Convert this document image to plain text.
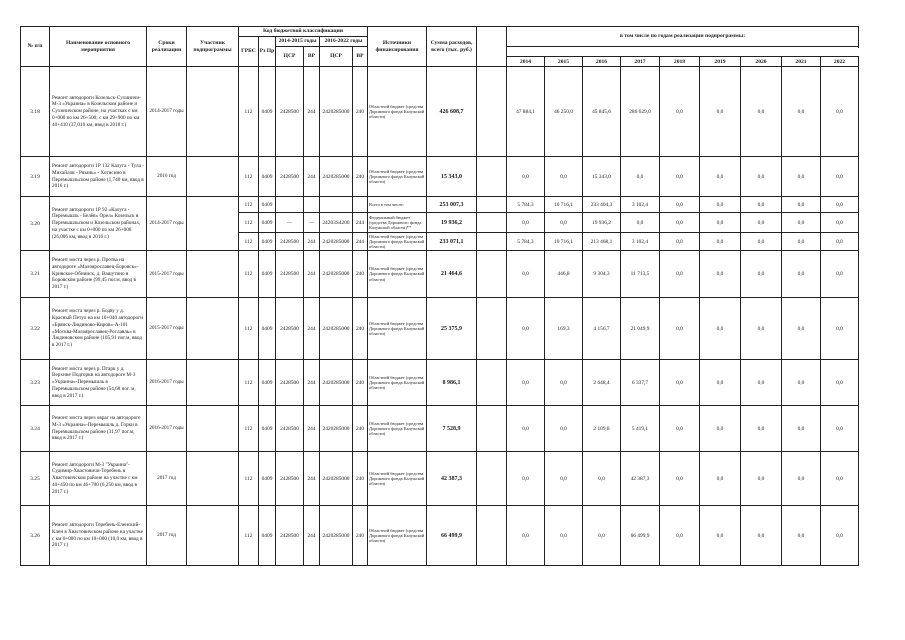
№ п/п	Наименование основного мероприятия	Сроки реализации	Участник подпрограммы	Код бюджетной классификации						Источники финансирования	Сумма расходов, всего (тыс. руб.)			в том числе по годам реализации подпрограммы:								
				ГРБС	Рз Пр	2014-2015 годы		2016-2022 годы														

						ЦСР	ВР	ЦСР	ВР													
														2014	2015	2016	2017	2018	2019	2020	2021	2022
3.18	Ремонт автодороги Козельск-Сухиничи-М-3 «Украина» в Козельском районе и Сухиничском районе, на участках с км 0+000 по км 26+500; с км 29+900 по км 40+410 (37,010 км, ввод в 2018 г.)	2014-2017 годы		112	0409	2428500	244	2420285000	240	Областной бюджет (средства Дорожного фонда Калужской области)	426 608,7			47 884,1	46 250,0	45 845,6	286 629,0	0,0	0,0	0,0	0,0	0,0
3.19	Ремонт автодороги 1Р 132 Калуга - Тула - Михайлов - Рязань» - Хотисино в Перемышльском районе (1,740 км, ввод в 2016 г.)	2016 год		112	0409	2428500	244	2420285000	240	Областной бюджет (средства Дорожного фонда Калужской области)	15 343,0			0,0	0,0	15 343,0	0,0	0,0	0,0	0,0	0,0	0,0
3.20	Ремонт автодороги 1Р 92 «Калуга - Перемышль - Белёв» Орел» Козельск в Перемышльском и Козельском районах, на участке с км 0+000 по км 26+006 (26,006 км, ввод в 2016 г.)	2014-2017 годы		112	0409					Всего в том числе:	253 007,3			5 784,3	10 716,1	233 404,3	3 102,4	0,0	0,0	0,0	0,0	0,0
				112	0409	—	—	24203S4200	244	Федеральный бюджет (средства Дорожного фонда Калужской области)**	19 936,2			0,0	0,0	19 936,2	0,0	0,0	0,0	0,0	0,0	0,0
				112	0409	2428500	244	2420285000	244	Областной бюджет (средства Дорожного фонда Калужской области)	233 071,1			5 784,3	10 716,1	213 468,1	3 102,4	0,0	0,0	0,0	0,0	0,0
3.21	Ремонт моста через р. Протва на автодороге «Малоярославец-Боровск»-Кривское-Обнинск, д. Вашутино в Боровском районе (99,45 пог.м, ввод в 2017 г.)	2015-2017 годы		112	0409	2428500	244	2420285000	240	Областной бюджет (средства Дорожного фонда Калужской области)	21 464,6			0,0	446,8	9 304,3	11 713,5	0,0	0,0	0,0	0,0	0,0
3.22	Ремонт моста через р. Бодву у д. Красный Петух на км 10+040 автодороги «Брянск-Людиново-Киров»-А-101 «Москва-Малоярославец-Рославль» в Людиновском районе (105,91 пог.м, ввод в 2017 г.)	2015-2017 годы		112	0409	2428500	244	2420285000	240	Областной бюджет (средства Дорожного фонда Калужской области)	25 375,9			0,0	169,3	4 156,7	21 049,9	0,0	0,0	0,0	0,0	0,0
3.23	Ремонт моста через р. Птарк у д. Верхние Подгорки на автодороге М-3 «Украина»-Перемышль в Перемышльском районе (54,68 пог. м, ввод в 2017 г.)	2016-2017 годы		112	0409	2428500	244	2420285000	240	Областной бюджет (средства Дорожного фонда Калужской области)	8 986,1			0,0	0,0	2 648,4	6 337,7	0,0	0,0	0,0	0,0	0,0
3.24	Ремонт моста через овраг на автодороге М-3 «Украина»-Перемышль д. Горки в Перемышльском районе (31,97 пог.м, ввод в 2017 г.)	2016-2017 годы		112	0409	2428500	244	2420285000	240	Областной бюджет (средства Дорожного фонда Калужской области)	7 528,9			0,0	0,0	2 109,8	5 419,1	0,0	0,0	0,0	0,0	0,0
3.25	Ремонт автодороги М-3 "Украина"-Судимир-Хвастовичи-Теребень в Хвастовичском районе на участке с км 40+450 по км 46+700 (6,250 км, ввод в 2017 г.)	2017 год		112	0409	2428500	244	2420285000	240	Областной бюджет (средства Дорожного фонда Калужской области)	42 387,3			0,0	0,0	0,0	42 387,3	0,0	0,0	0,0	0,0	0,0
3.26	Ремонт автодороги Теребень-Еленский-Клен в Хвастовичском районе на участке с км 0+000 по км 10+000 (10,0 км, ввод в 2017 г.)	2017 год		112	0409	2428500	244	2420285000	240	Областной бюджет (средства Дорожного фонда Калужской области)	66 499,9			0,0	0,0	0,0	66 499,9	0,0	0,0	0,0	0,0	0,0
